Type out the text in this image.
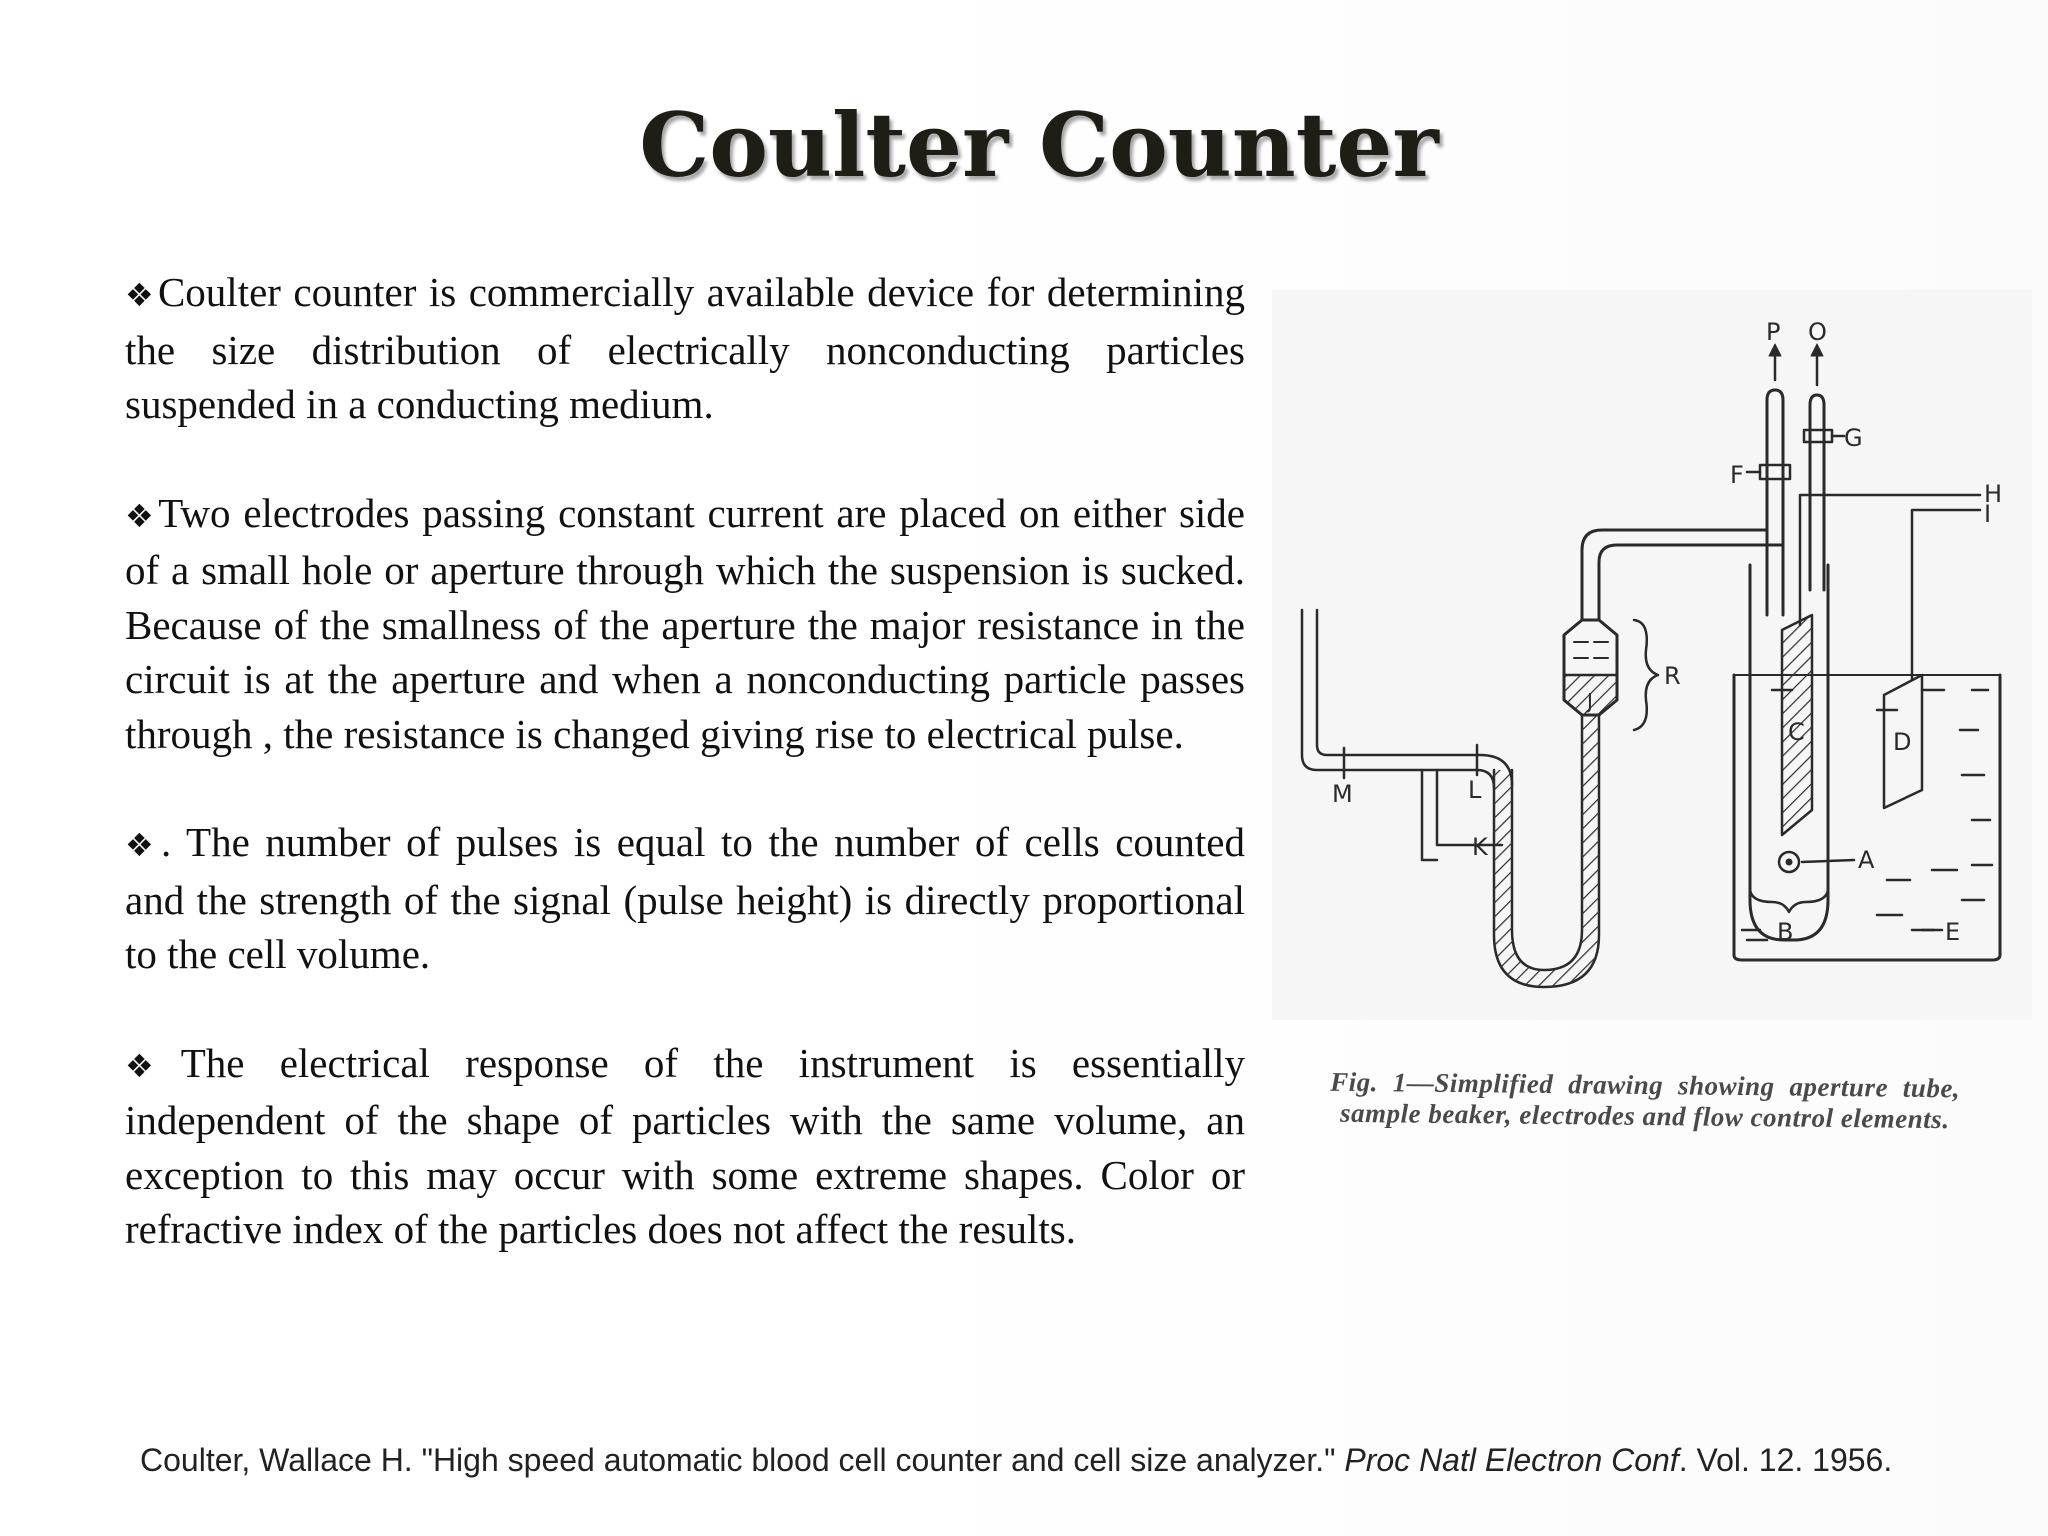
Coulter Counter

❖Coulter counter is commercially available device for determining the size distribution of electrically nonconducting particles suspended in a conducting medium.

❖Two electrodes passing constant current are placed on either side of a small hole or aperture through which the suspension is sucked. Because of the smallness of the aperture the major resistance in the circuit is at the aperture and when a nonconducting particle passes through , the resistance is changed giving rise to electrical pulse.

❖. The number of pulses is equal to the number of cells counted and the strength of the signal (pulse height) is directly proportional to the cell volume.

❖The electrical response of the instrument is essentially independent of the shape of particles with the same volume, an exception to this may occur with some extreme shapes. Color or refractive index of the particles does not affect the results.

P O
F
G
H
I
R
J
C	D
M	L
K	A
B	E
Fig. 1—Simplified drawing showing aperture tube, sample beaker, electrodes and flow control elements.
Coulter, Wallace H. "High speed automatic blood cell counter and cell size analyzer." Proc Natl Electron Conf. Vol. 12. 1956.
